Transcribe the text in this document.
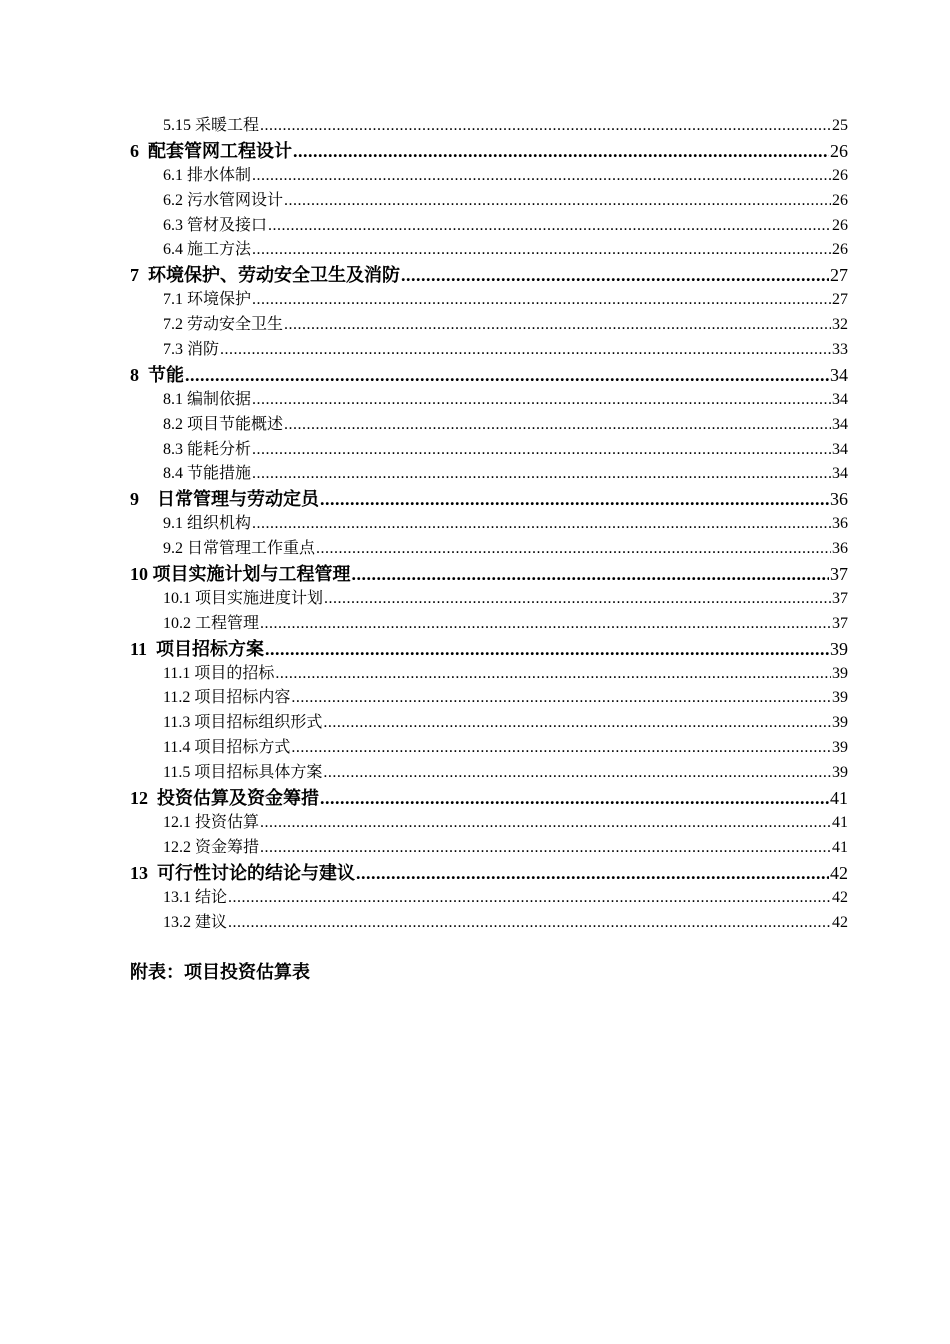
5.15 采暖工程 .....	25
6  配套管网工程设计 .....	26
6.1 排水体制 .....	26
6.2 污水管网设计 .....	26
6.3 管材及接口 .....	26
6.4 施工方法 .....	26
7  环境保护、劳动安全卫生及消防 .....	27
7.1 环境保护 .....	27
7.2 劳动安全卫生 .....	32
7.3 消防 .....	33
8  节能 .....	34
8.1 编制依据 .....	34
8.2 项目节能概述 .....	34
8.3 能耗分析 .....	34
8.4 节能措施 .....	34
9    日常管理与劳动定员 .....	36
9.1 组织机构 .....	36
9.2 日常管理工作重点 .....	36
10 项目实施计划与工程管理 .....	37
10.1 项目实施进度计划 .....	37
10.2 工程管理 .....	37
11  项目招标方案 .....	39
11.1 项目的招标 .....	39
11.2 项目招标内容 .....	39
11.3 项目招标组织形式 .....	39
11.4 项目招标方式 .....	39
11.5 项目招标具体方案 .....	39
12  投资估算及资金筹措 .....	41
12.1 投资估算 .....	41
12.2 资金筹措 .....	41
13  可行性讨论的结论与建议 .....	42
13.1 结论 .....	42
13.2 建议 .....	42
附表：项目投资估算表
